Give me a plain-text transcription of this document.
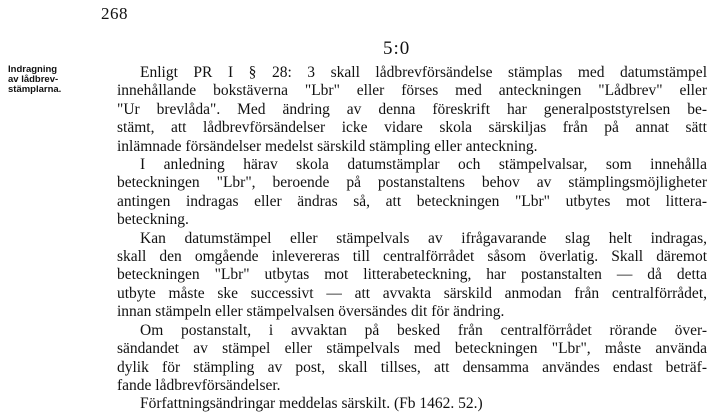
268
5:0
Indragning
av lådbrev-
stämplarna.
Enligt PR I § 28: 3 skall lådbrevförsändelse stämplas med datumstämpel
innehållande bokstäverna "Lbr" eller förses med anteckningen "Lådbrev" eller
"Ur brevlåda". Med ändring av denna föreskrift har generalpoststyrelsen be-
stämt, att lådbrevförsändelser icke vidare skola särskiljas från på annat sätt
inlämnade försändelser medelst särskild stämpling eller anteckning.
I anledning härav skola datumstämplar och stämpelvalsar, som innehålla
beteckningen "Lbr", beroende på postanstaltens behov av stämplingsmöjligheter
antingen indragas eller ändras så, att beteckningen "Lbr" utbytes mot littera-
beteckning.
Kan datumstämpel eller stämpelvals av ifrågavarande slag helt indragas,
skall den omgående inlevereras till centralförrådet såsom överlatig. Skall däremot
beteckningen "Lbr" utbytas mot litterabeteckning, har postanstalten — då detta
utbyte måste ske successivt — att avvakta särskild anmodan från centralförrådet,
innan stämpeln eller stämpelvalsen översändes dit för ändring.
Om postanstalt, i avvaktan på besked från centralförrådet rörande över-
sändandet av stämpel eller stämpelvals med beteckningen "Lbr", måste använda
dylik för stämpling av post, skall tillses, att densamma användes endast beträf-
fande lådbrevförsändelser.
Författningsändringar meddelas särskilt. (Fb 1462. 52.)
